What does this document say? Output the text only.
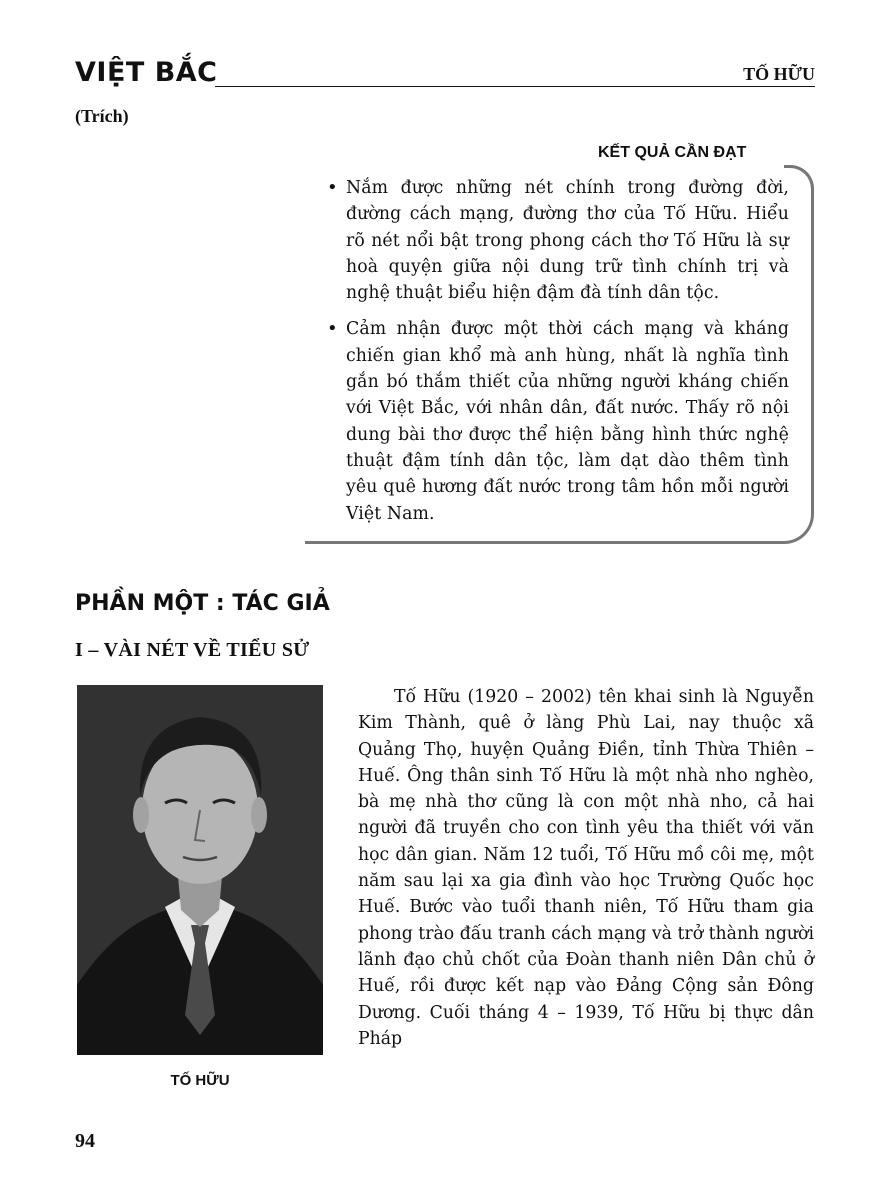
VIỆT BẮC	TỐ HỮU
(Trích)
KẾT QUẢ CẦN ĐẠT
• Nắm được những nét chính trong đường đời, đường cách mạng, đường thơ của Tố Hữu. Hiểu rõ nét nổi bật trong phong cách thơ Tố Hữu là sự hoà quyện giữa nội dung trữ tình chính trị và nghệ thuật biểu hiện đậm đà tính dân tộc.
• Cảm nhận được một thời cách mạng và kháng chiến gian khổ mà anh hùng, nhất là nghĩa tình gắn bó thắm thiết của những người kháng chiến với Việt Bắc, với nhân dân, đất nước. Thấy rõ nội dung bài thơ được thể hiện bằng hình thức nghệ thuật đậm tính dân tộc, làm dạt dào thêm tình yêu quê hương đất nước trong tâm hồn mỗi người Việt Nam.
PHẦN MỘT : TÁC GIẢ
I – VÀI NÉT VỀ TIỂU SỬ
TỐ HỮU

Tố Hữu (1920 – 2002) tên khai sinh là Nguyễn Kim Thành, quê ở làng Phù Lai, nay thuộc xã Quảng Thọ, huyện Quảng Điền, tỉnh Thừa Thiên – Huế. Ông thân sinh Tố Hữu là một nhà nho nghèo, bà mẹ nhà thơ cũng là con một nhà nho, cả hai người đã truyền cho con tình yêu tha thiết với văn học dân gian. Năm 12 tuổi, Tố Hữu mồ côi mẹ, một năm sau lại xa gia đình vào học Trường Quốc học Huế. Bước vào tuổi thanh niên, Tố Hữu tham gia phong trào đấu tranh cách mạng và trở thành người lãnh đạo chủ chốt của Đoàn thanh niên Dân chủ ở Huế, rồi được kết nạp vào Đảng Cộng sản Đông Dương. Cuối tháng 4 – 1939, Tố Hữu bị thực dân Pháp

94
